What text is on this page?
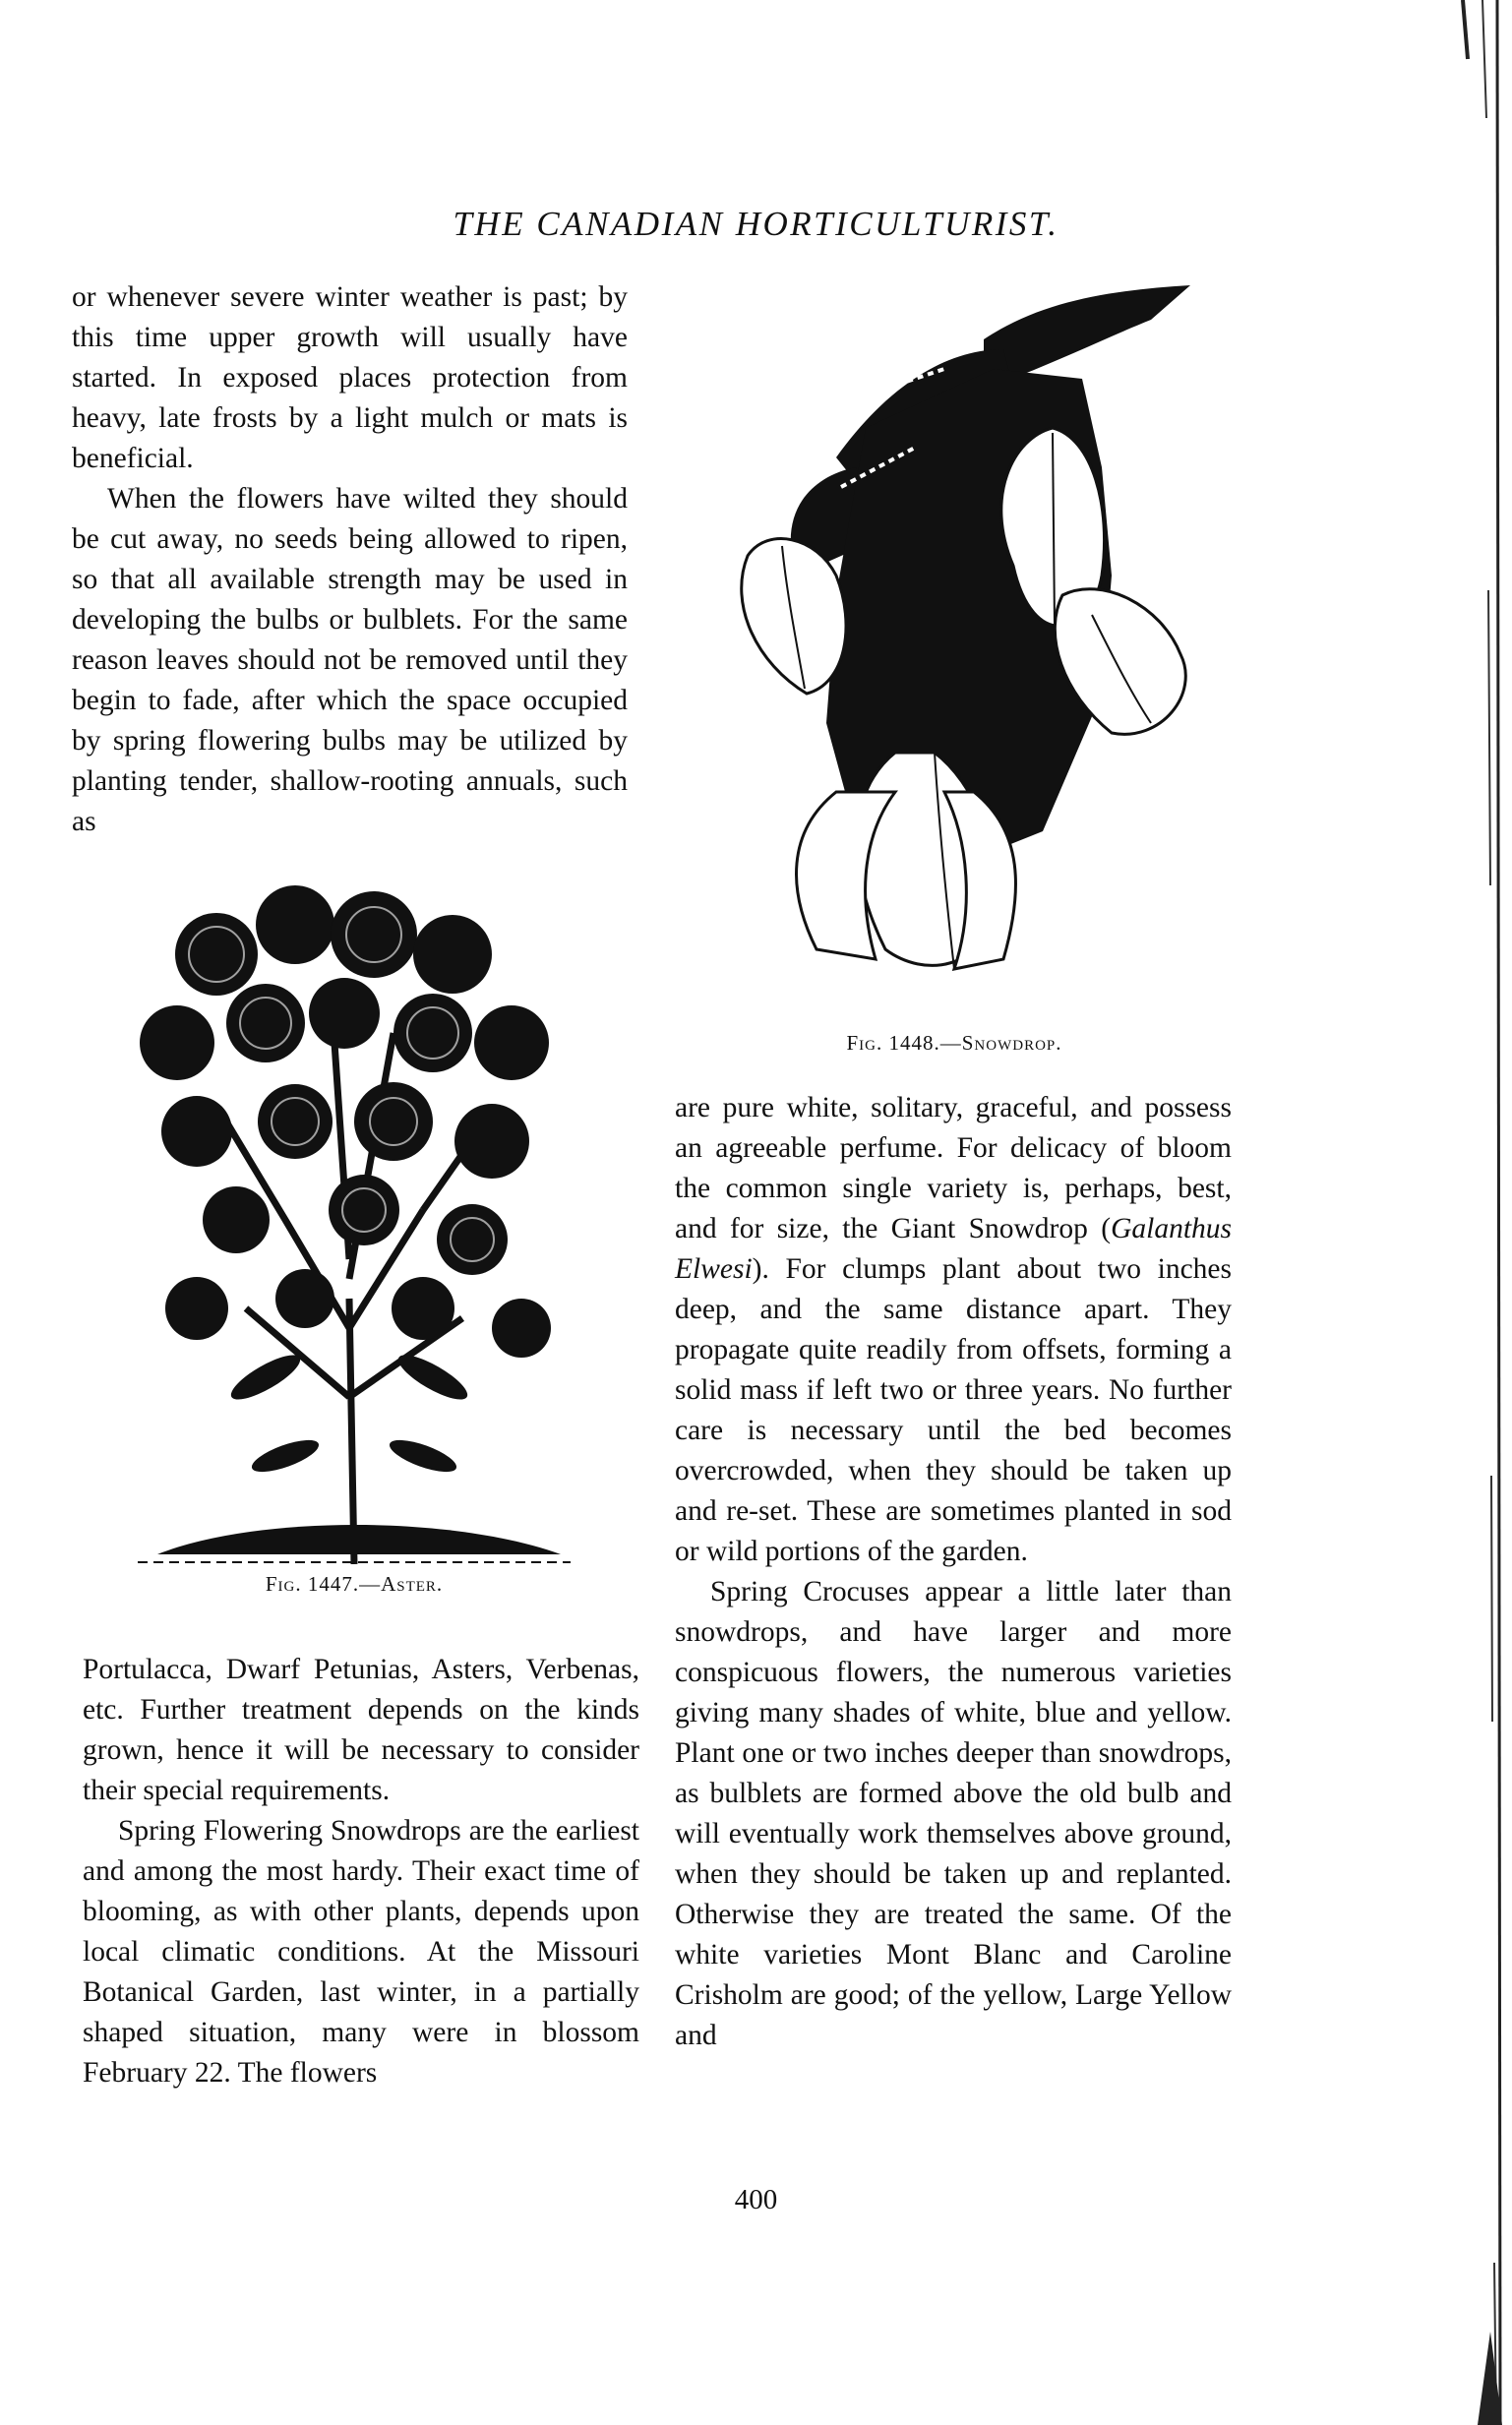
THE CANADIAN HORTICULTURIST.

or whenever severe winter weather is past; by this time upper growth will usually have started. In exposed places protection from heavy, late frosts by a light mulch or mats is beneficial.

When the flowers have wilted they should be cut away, no seeds being allowed to ripen, so that all available strength may be used in developing the bulbs or bulblets. For the same reason leaves should not be removed until they begin to fade, after which the space occupied by spring flowering bulbs may be utilized by planting tender, shallow-rooting annuals, such as

Fig. 1448.—Snowdrop.
Fig. 1447.—Aster.

Portulacca, Dwarf Petunias, Asters, Verbenas, etc. Further treatment depends on the kinds grown, hence it will be necessary to consider their special requirements.

Spring Flowering Snowdrops are the earliest and among the most hardy. Their exact time of blooming, as with other plants, depends upon local climatic conditions. At the Missouri Botanical Garden, last winter, in a partially shaped situation, many were in blossom February 22. The flowers

are pure white, solitary, graceful, and possess an agreeable perfume. For delicacy of bloom the common single variety is, perhaps, best, and for size, the Giant Snowdrop (Galanthus Elwesi). For clumps plant about two inches deep, and the same distance apart. They propagate quite readily from offsets, forming a solid mass if left two or three years. No further care is necessary until the bed becomes overcrowded, when they should be taken up and re-set. These are sometimes planted in sod or wild portions of the garden.

Spring Crocuses appear a little later than snowdrops, and have larger and more conspicuous flowers, the numerous varieties giving many shades of white, blue and yellow. Plant one or two inches deeper than snowdrops, as bulblets are formed above the old bulb and will eventually work themselves above ground, when they should be taken up and replanted. Otherwise they are treated the same. Of the white varieties Mont Blanc and Caroline Crisholm are good; of the yellow, Large Yellow and

400
